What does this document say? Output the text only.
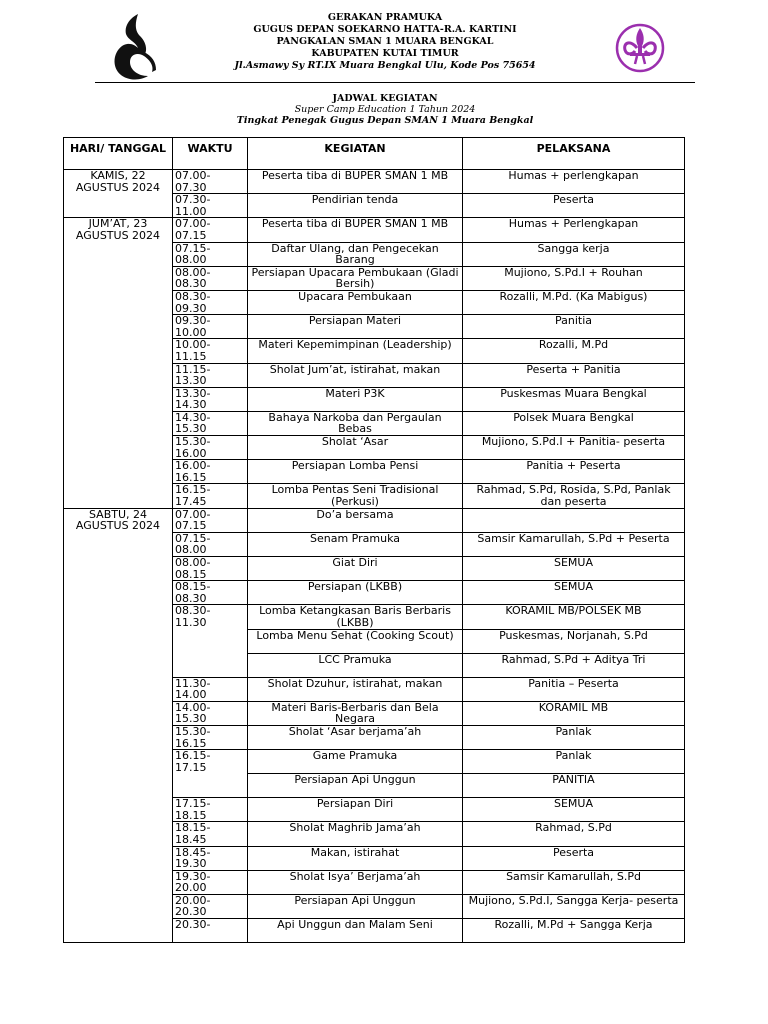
GERAKAN PRAMUKA
GUGUS DEPAN SOEKARNO HATTA-R.A. KARTINI
PANGKALAN SMAN 1 MUARA BENGKAL
KABUPATEN KUTAI TIMUR
Jl.Asmawy Sy RT.IX Muara Bengkal Ulu, Kode Pos 75654
JADWAL KEGIATAN
Super Camp Education 1 Tahun 2024
Tingkat Penegak Gugus Depan SMAN 1 Muara Bengkal
HARI/ TANGGAL	WAKTU	KEGIATAN	PELAKSANA
KAMIS, 22 AGUSTUS 2024	07.00- 07.30	Peserta tiba di BUPER SMAN 1 MB	Humas + perlengkapan
	07.30- 11.00	Pendirian tenda	Peserta
JUM’AT, 23 AGUSTUS 2024	07.00- 07.15	Peserta tiba di BUPER SMAN 1 MB	Humas + Perlengkapan
	07.15- 08.00	Daftar Ulang, dan Pengecekan Barang	Sangga kerja
	08.00- 08.30	Persiapan Upacara Pembukaan (Gladi Bersih)	Mujiono, S.Pd.I + Rouhan
	08.30- 09.30	Upacara Pembukaan	Rozalli, M.Pd. (Ka Mabigus)
	09.30- 10.00	Persiapan Materi	Panitia
	10.00- 11.15	Materi Kepemimpinan (Leadership)	Rozalli, M.Pd
	11.15- 13.30	Sholat Jum’at, istirahat, makan	Peserta + Panitia
	13.30- 14.30	Materi P3K	Puskesmas Muara Bengkal
	14.30- 15.30	Bahaya Narkoba dan Pergaulan Bebas	Polsek Muara Bengkal
	15.30- 16.00	Sholat ‘Asar	Mujiono, S.Pd.I + Panitia- peserta
	16.00- 16.15	Persiapan Lomba Pensi	Panitia + Peserta
	16.15- 17.45	Lomba Pentas Seni Tradisional (Perkusi)	Rahmad, S.Pd, Rosida, S.Pd, Panlak dan peserta
SABTU, 24 AGUSTUS 2024	07.00- 07.15	Do’a bersama	
	07.15- 08.00	Senam Pramuka	Samsir Kamarullah, S.Pd + Peserta
	08.00- 08.15	Giat Diri	SEMUA
	08.15- 08.30	Persiapan (LKBB)	SEMUA
	08.30- 11.30	Lomba Ketangkasan Baris Berbaris (LKBB)	KORAMIL MB/POLSEK MB
		Lomba Menu Sehat (Cooking Scout)	Puskesmas, Norjanah, S.Pd
		LCC Pramuka	Rahmad, S.Pd + Aditya Tri
	11.30- 14.00	Sholat Dzuhur, istirahat, makan	Panitia – Peserta
	14.00- 15.30	Materi Baris-Berbaris dan Bela Negara	KORAMIL MB
	15.30- 16.15	Sholat ‘Asar berjama’ah	Panlak
	16.15- 17.15	Game Pramuka	Panlak
		Persiapan Api Unggun	PANITIA
	17.15- 18.15	Persiapan Diri	SEMUA
	18.15- 18.45	Sholat Maghrib Jama’ah	Rahmad, S.Pd
	18.45- 19.30	Makan, istirahat	Peserta
	19.30- 20.00	Sholat Isya’ Berjama’ah	Samsir Kamarullah, S.Pd
	20.00- 20.30	Persiapan Api Unggun	Mujiono, S.Pd.I, Sangga Kerja- peserta
	20.30-	Api Unggun dan Malam Seni	Rozalli, M.Pd + Sangga Kerja
